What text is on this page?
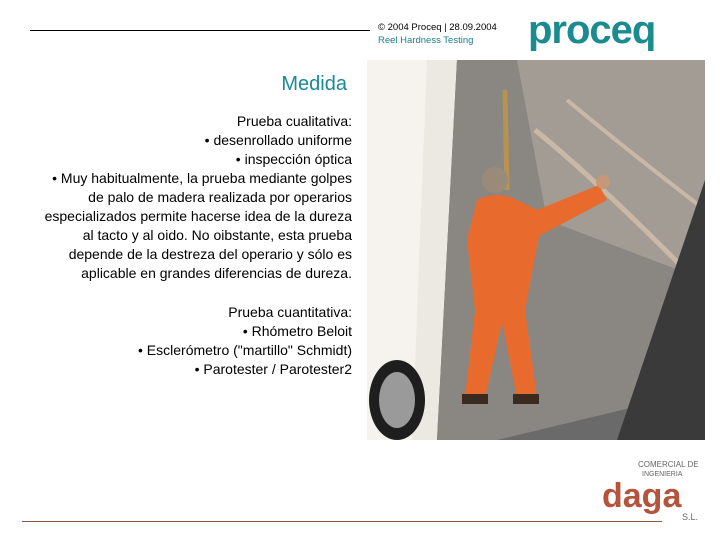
© 2004 Proceq | 28.09.2004
Reel Hardness Testing	proceq
Medida

Prueba cualitativa:

• desenrollado uniforme

• inspección óptica

• Muy habitualmente, la prueba mediante golpes de palo de madera realizada por operarios especializados permite hacerse idea de la dureza al tacto y al oido. No oibstante, esta prueba depende de la destreza del operario y sólo es aplicable en grandes diferencias de dureza.

Prueba cuantitativa:

• Rhómetro Beloit

• Esclerómetro ("martillo" Schmidt)

• Parotester / Parotester2

COMERCIAL DE
INGENIERIA
daga
S.L.
